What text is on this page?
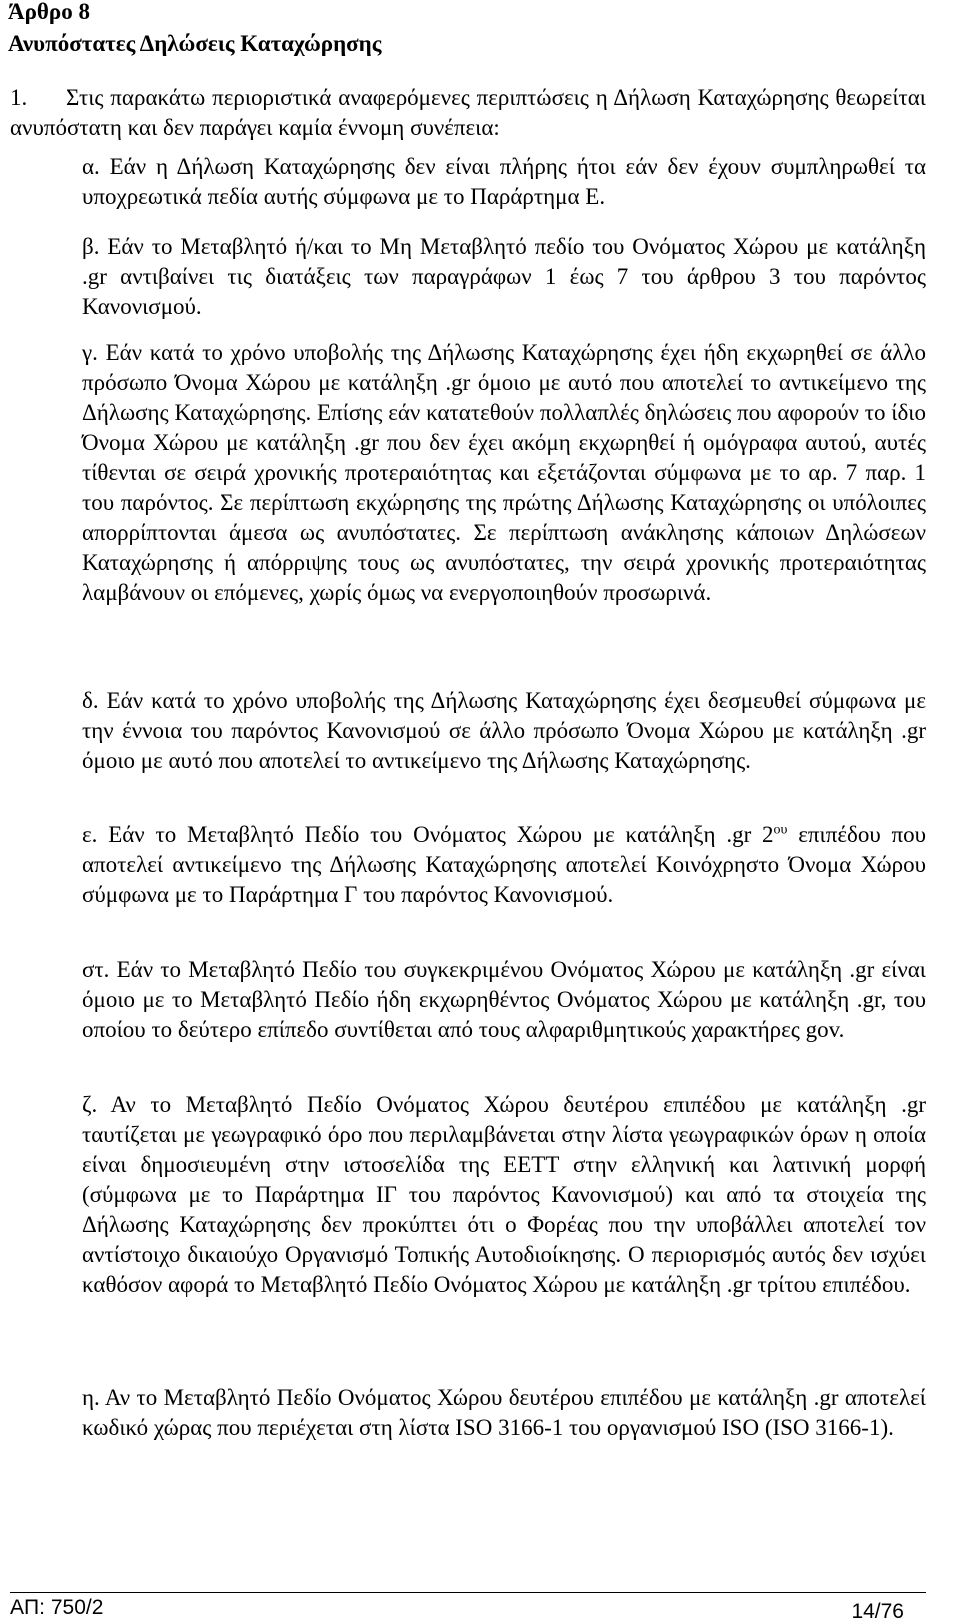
Άρθρο 8
Ανυπόστατες Δηλώσεις Καταχώρησης

1. Στις παρακάτω περιοριστικά αναφερόμενες περιπτώσεις η Δήλωση Καταχώρησης θεωρείται ανυπόστατη και δεν παράγει καμία έννομη συνέπεια:

α. Εάν η Δήλωση Καταχώρησης δεν είναι πλήρης ήτοι εάν δεν έχουν συμπληρωθεί τα υποχρεωτικά πεδία αυτής σύμφωνα με το Παράρτημα Ε.

β. Εάν το Μεταβλητό ή/και το Μη Μεταβλητό πεδίο του Ονόματος Χώρου με κατάληξη .gr αντιβαίνει τις διατάξεις των παραγράφων 1 έως 7 του άρθρου 3 του παρόντος Κανονισμού.

γ. Εάν κατά το χρόνο υποβολής της Δήλωσης Καταχώρησης έχει ήδη εκχωρηθεί σε άλλο πρόσωπο Όνομα Χώρου με κατάληξη .gr όμοιο με αυτό που αποτελεί το αντικείμενο της Δήλωσης Καταχώρησης. Επίσης εάν κατατεθούν πολλαπλές δηλώσεις που αφορούν το ίδιο Όνομα Χώρου με κατάληξη .gr που δεν έχει ακόμη εκχωρηθεί ή ομόγραφα αυτού, αυτές τίθενται σε σειρά χρονικής προτεραιότητας και εξετάζονται σύμφωνα με το αρ. 7 παρ. 1 του παρόντος. Σε περίπτωση εκχώρησης της πρώτης Δήλωσης Καταχώρησης οι υπόλοιπες απορρίπτονται άμεσα ως ανυπόστατες. Σε περίπτωση ανάκλησης κάποιων Δηλώσεων Καταχώρησης ή απόρριψης τους ως ανυπόστατες, την σειρά χρονικής προτεραιότητας λαμβάνουν οι επόμενες, χωρίς όμως να ενεργοποιηθούν προσωρινά.

δ. Εάν κατά το χρόνο υποβολής της Δήλωσης Καταχώρησης έχει δεσμευθεί σύμφωνα με την έννοια του παρόντος Κανονισμού σε άλλο πρόσωπο Όνομα Χώρου με κατάληξη .gr όμοιο με αυτό που αποτελεί το αντικείμενο της Δήλωσης Καταχώρησης.

ε. Εάν το Μεταβλητό Πεδίο του Ονόματος Χώρου με κατάληξη .gr $2^{o\upsilon}$ επιπέδου που αποτελεί αντικείμενο της Δήλωσης Καταχώρησης αποτελεί Κοινόχρηστο Όνομα Χώρου σύμφωνα με το Παράρτημα Γ του παρόντος Κανονισμού.

στ. Εάν το Μεταβλητό Πεδίο του συγκεκριμένου Ονόματος Χώρου με κατάληξη .gr είναι όμοιο με το Μεταβλητό Πεδίο ήδη εκχωρηθέντος Ονόματος Χώρου με κατάληξη .gr, του οποίου το δεύτερο επίπεδο συντίθεται από τους αλφαριθμητικούς χαρακτήρες gov.

ζ. Αν το Μεταβλητό Πεδίο Ονόματος Χώρου δευτέρου επιπέδου με κατάληξη .gr ταυτίζεται με γεωγραφικό όρο που περιλαμβάνεται στην λίστα γεωγραφικών όρων η οποία είναι δημοσιευμένη στην ιστοσελίδα της ΕΕΤΤ στην ελληνική και λατινική μορφή (σύμφωνα με το Παράρτημα ΙΓ του παρόντος Κανονισμού) και από τα στοιχεία της Δήλωσης Καταχώρησης δεν προκύπτει ότι ο Φορέας που την υποβάλλει αποτελεί τον αντίστοιχο δικαιούχο Οργανισμό Τοπικής Αυτοδιοίκησης. Ο περιορισμός αυτός δεν ισχύει καθόσον αφορά το Μεταβλητό Πεδίο Ονόματος Χώρου με κατάληξη .gr τρίτου επιπέδου.

η. Αν το Μεταβλητό Πεδίο Ονόματος Χώρου δευτέρου επιπέδου με κατάληξη .gr αποτελεί κωδικό χώρας που περιέχεται στη λίστα ISO 3166-1 του οργανισμού ISO (ISO 3166-1).

ΑΠ: 750/2	14/76
